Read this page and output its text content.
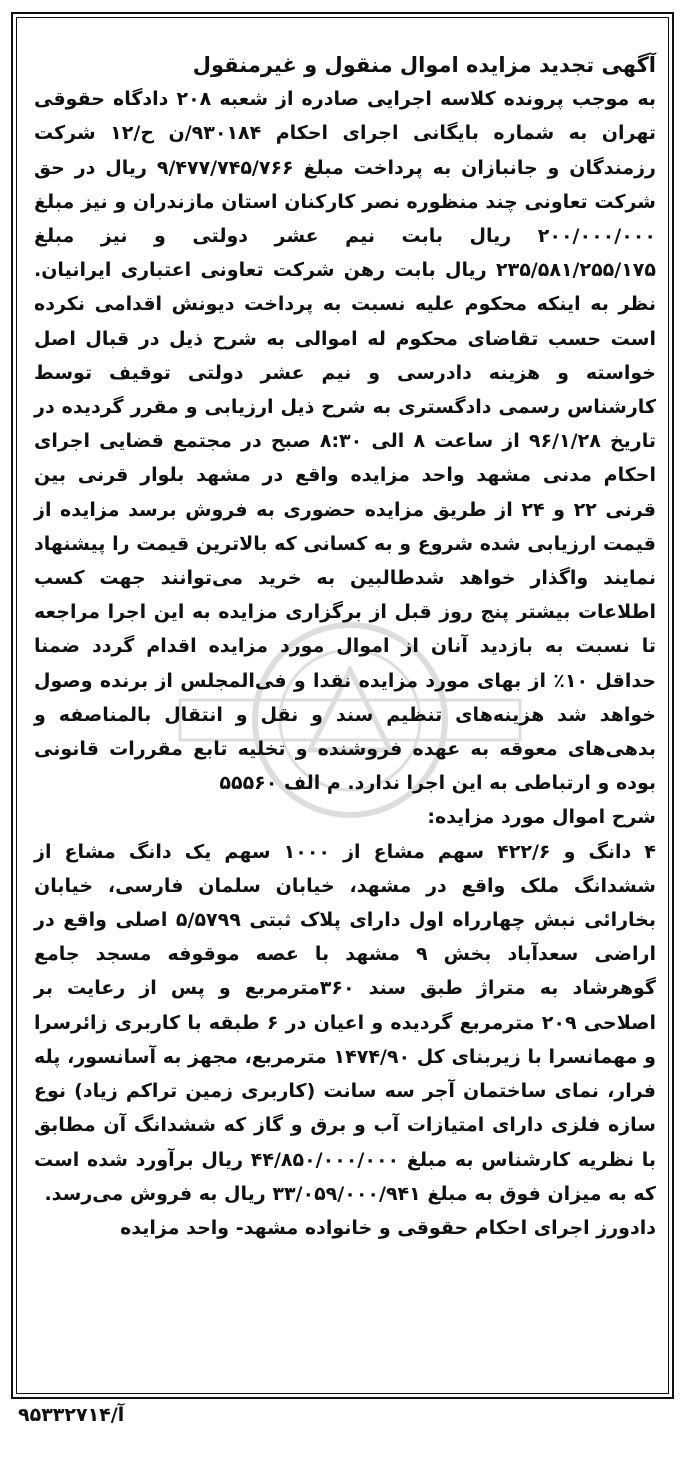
آگهی تجدید مزایده اموال منقول و غیرمنقول

به موجب پرونده کلاسه اجرایی صادره از شعبه ۲۰۸ دادگاه حقوقی تهران به شماره بایگانی اجرای احکام ۹۳۰۱۸۴/ن ح/۱۲ شرکت رزمندگان و جانبازان به پرداخت مبلغ ۹/۴۷۷/۷۴۵/۷۶۶ ریال در حق شرکت تعاونی چند منظوره نصر کارکنان استان مازندران و نیز مبلغ ۲۰۰/۰۰۰/۰۰۰ ریال بابت نیم عشر دولتی و نیز مبلغ ۲۳۵/۵۸۱/۲۵۵/۱۷۵ ریال بابت رهن شرکت تعاونی اعتباری ایرانیان. نظر به اینکه محکوم علیه نسبت به پرداخت دیونش اقدامی نکرده است حسب تقاضای محکوم له اموالی به شرح ذیل در قبال اصل خواسته و هزینه دادرسی و نیم عشر دولتی توقیف توسط کارشناس رسمی دادگستری به شرح ذیل ارزیابی و مقرر گردیده در تاریخ ۹۶/۱/۲۸ از ساعت ۸ الی ۸:۳۰ صبح در مجتمع قضایی اجرای احکام مدنی مشهد واحد مزایده واقع در مشهد بلوار قرنی بین قرنی ۲۲ و ۲۴ از طریق مزایده حضوری به فروش برسد مزایده از قیمت ارزیابی شده شروع و به کسانی که بالاترین قیمت را پیشنهاد نمایند واگذار خواهد شدطالبین به خرید می‌توانند جهت کسب اطلاعات بیشتر پنج روز قبل از برگزاری مزایده به این اجرا مراجعه تا نسبت به بازدید آنان از اموال مورد مزایده اقدام گردد ضمنا حداقل ۱۰٪ از بهای مورد مزایده نقدا و فی‌المجلس از برنده وصول خواهد شد هزینه‌های تنظیم سند و نقل و انتقال بالمناصفه و بدهی‌های معوقه به عهده فروشنده و تخلیه تابع مقررات قانونی بوده و ارتباطی به این اجرا ندارد. م الف ۵۵۵۶۰

شرح اموال مورد مزایده:

۴ دانگ و ۴۲۲/۶ سهم مشاع از ۱۰۰۰ سهم یک دانگ مشاع از ششدانگ ملک واقع در مشهد، خیابان سلمان فارسی، خیابان بخارائی نبش چهارراه اول دارای پلاک ثبتی ۵/۵۷۹۹ اصلی واقع در اراضی سعدآباد بخش ۹ مشهد با عصه موقوفه مسجد جامع گوهرشاد به متراژ طبق سند ۳۶۰مترمربع و پس از رعایت بر اصلاحی ۲۰۹ مترمربع گردیده و اعیان در ۶ طبقه با کاربری زائرسرا و مهمانسرا با زیربنای کل ۱۴۷۴/۹۰ مترمربع، مجهز به آسانسور، پله فرار، نمای ساختمان آجر سه سانت (کاربری زمین تراکم زیاد) نوع سازه فلزی دارای امتیازات آب و برق و گاز که ششدانگ آن مطابق با نظریه کارشناس به مبلغ ۴۴/۸۵۰/۰۰۰/۰۰۰ ریال برآورد شده است که به میزان فوق به مبلغ ۳۳/۰۵۹/۰۰۰/۹۴۱ ریال به فروش می‌رسد.

دادورز اجرای احکام حقوقی و خانواده مشهد- واحد مزایده

آ/۹۵۳۳۲۷۱۴
